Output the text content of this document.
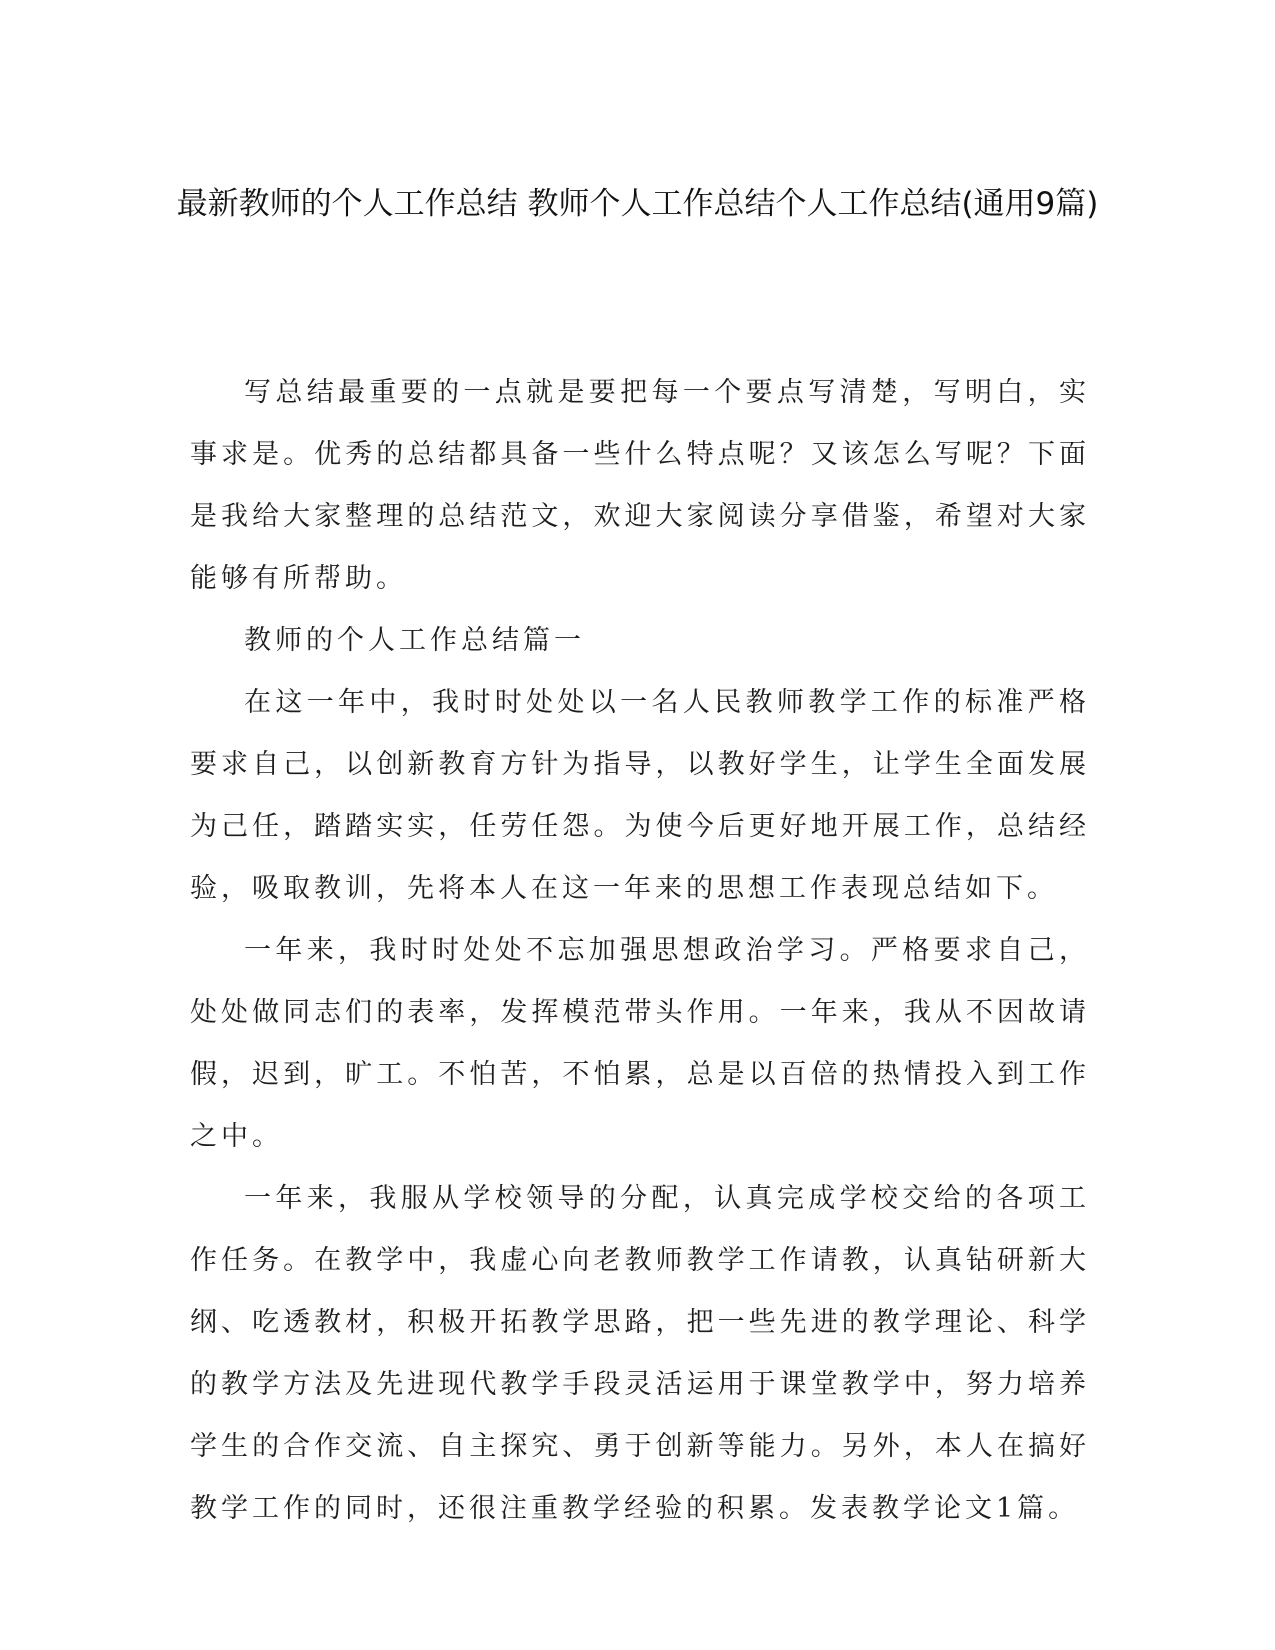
最新教师的个人工作总结 教师个人工作总结个人工作总结(通用9篇)

写总结最重要的一点就是要把每一个要点写清楚，写明白，实事求是。优秀的总结都具备一些什么特点呢？又该怎么写呢？下面是我给大家整理的总结范文，欢迎大家阅读分享借鉴，希望对大家能够有所帮助。

教师的个人工作总结篇一

在这一年中，我时时处处以一名人民教师教学工作的标准严格要求自己，以创新教育方针为指导，以教好学生，让学生全面发展为己任，踏踏实实，任劳任怨。为使今后更好地开展工作，总结经验，吸取教训，先将本人在这一年来的思想工作表现总结如下。

一年来，我时时处处不忘加强思想政治学习。严格要求自己，处处做同志们的表率，发挥模范带头作用。一年来，我从不因故请假，迟到，旷工。不怕苦，不怕累，总是以百倍的热情投入到工作之中。

一年来，我服从学校领导的分配，认真完成学校交给的各项工作任务。在教学中，我虚心向老教师教学工作请教，认真钻研新大纲、吃透教材，积极开拓教学思路，把一些先进的教学理论、科学的教学方法及先进现代教学手段灵活运用于课堂教学中，努力培养学生的合作交流、自主探究、勇于创新等能力。另外，本人在搞好教学工作的同时，还很注重教学经验的积累。发表教学论文1篇。
